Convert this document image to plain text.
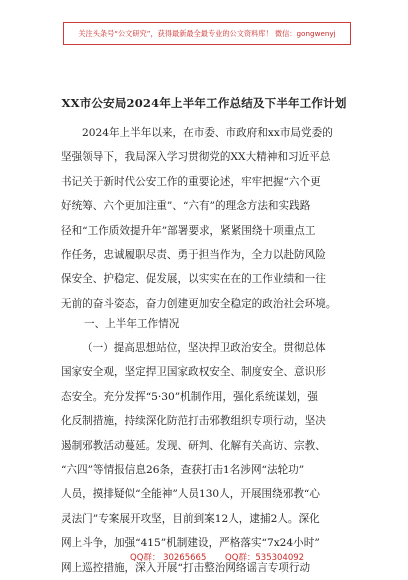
关注头条号“公文研究”，获得最新最全最专业的公文资料库！ 微信：gongwenyj
XX市公安局2024年上半年工作总结及下半年工作计划
2024年上半年以来，在市委、市政府和xx市局党委的
坚强领导下，我局深入学习贯彻党的XX大精神和习近平总
书记关于新时代公安工作的重要论述，牢牢把握“六个更
好统筹、六个更加注重”、“六有”的理念方法和实践路
径和“工作质效提升年”部署要求，紧紧围绕十项重点工
作任务，忠诚履职尽责、勇于担当作为，全力以赴防风险
保安全、护稳定、促发展，以实实在在的工作业绩和一往
无前的奋斗姿态，奋力创建更加安全稳定的政治社会环境。
一、上半年工作情况
（一）提高思想站位，坚决捍卫政治安全。贯彻总体
国家安全观，坚定捍卫国家政权安全、制度安全、意识形
态安全。充分发挥“5·30”机制作用，强化系统谋划，强
化反制措施，持续深化防范打击邪教组织专项行动，坚决
遏制邪教活动蔓延。发现、研判、化解有关高访、宗教、
“六四”等情报信息26条，查获打击1名涉网“法轮功”
人员，摸排疑似“全能神”人员130人，开展围绕邪教“心
灵法门”专案展开攻坚，目前到案12人，逮捕2人。深化
网上斗争，加强“415”机制建设，严格落实“7x24小时”
网上巡控措施，深入开展“打击整治网络谣言专项行动
QQ群： 30265665 QQ群：535304092
